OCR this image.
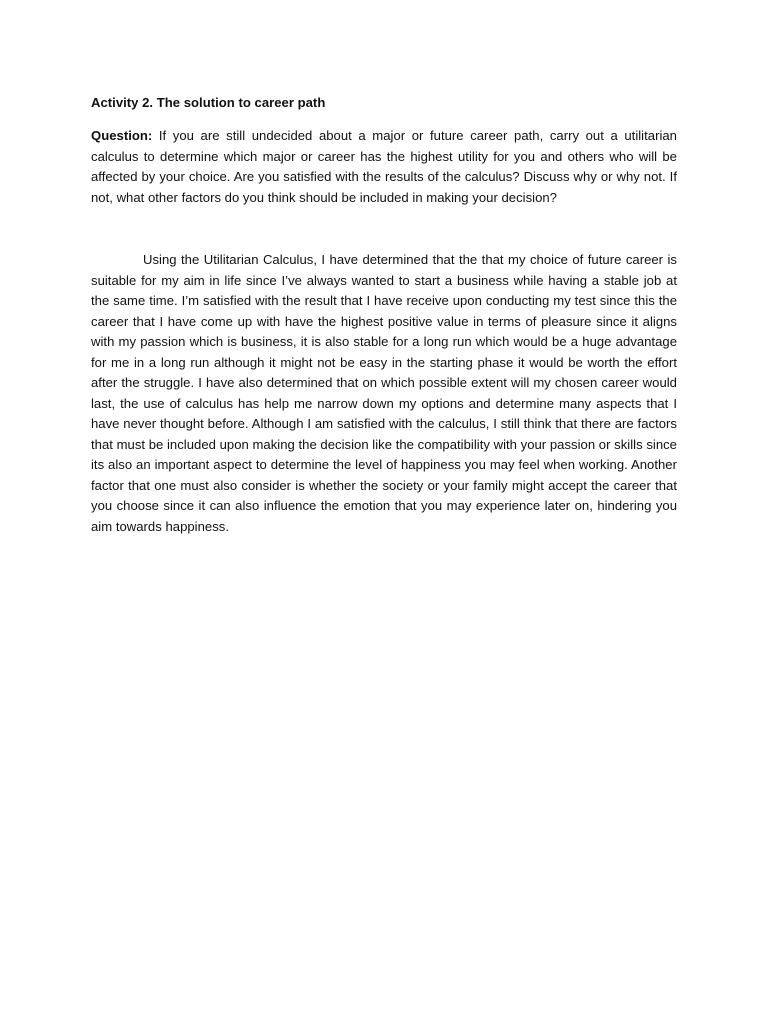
Activity 2. The solution to career path

Question: If you are still undecided about a major or future career path, carry out a utilitarian calculus to determine which major or career has the highest utility for you and others who will be affected by your choice. Are you satisfied with the results of the calculus? Discuss why or why not. If not, what other factors do you think should be included in making your decision?

Using the Utilitarian Calculus, I have determined that the that my choice of future career is suitable for my aim in life since I’ve always wanted to start a business while having a stable job at the same time. I’m satisfied with the result that I have receive upon conducting my test since this the career that I have come up with have the highest positive value in terms of pleasure since it aligns with my passion which is business, it is also stable for a long run which would be a huge advantage for me in a long run although it might not be easy in the starting phase it would be worth the effort after the struggle. I have also determined that on which possible extent will my chosen career would last, the use of calculus has help me narrow down my options and determine many aspects that I have never thought before. Although I am satisfied with the calculus, I still think that there are factors that must be included upon making the decision like the compatibility with your passion or skills since its also an important aspect to determine the level of happiness you may feel when working. Another factor that one must also consider is whether the society or your family might accept the career that you choose since it can also influence the emotion that you may experience later on, hindering you aim towards happiness.
